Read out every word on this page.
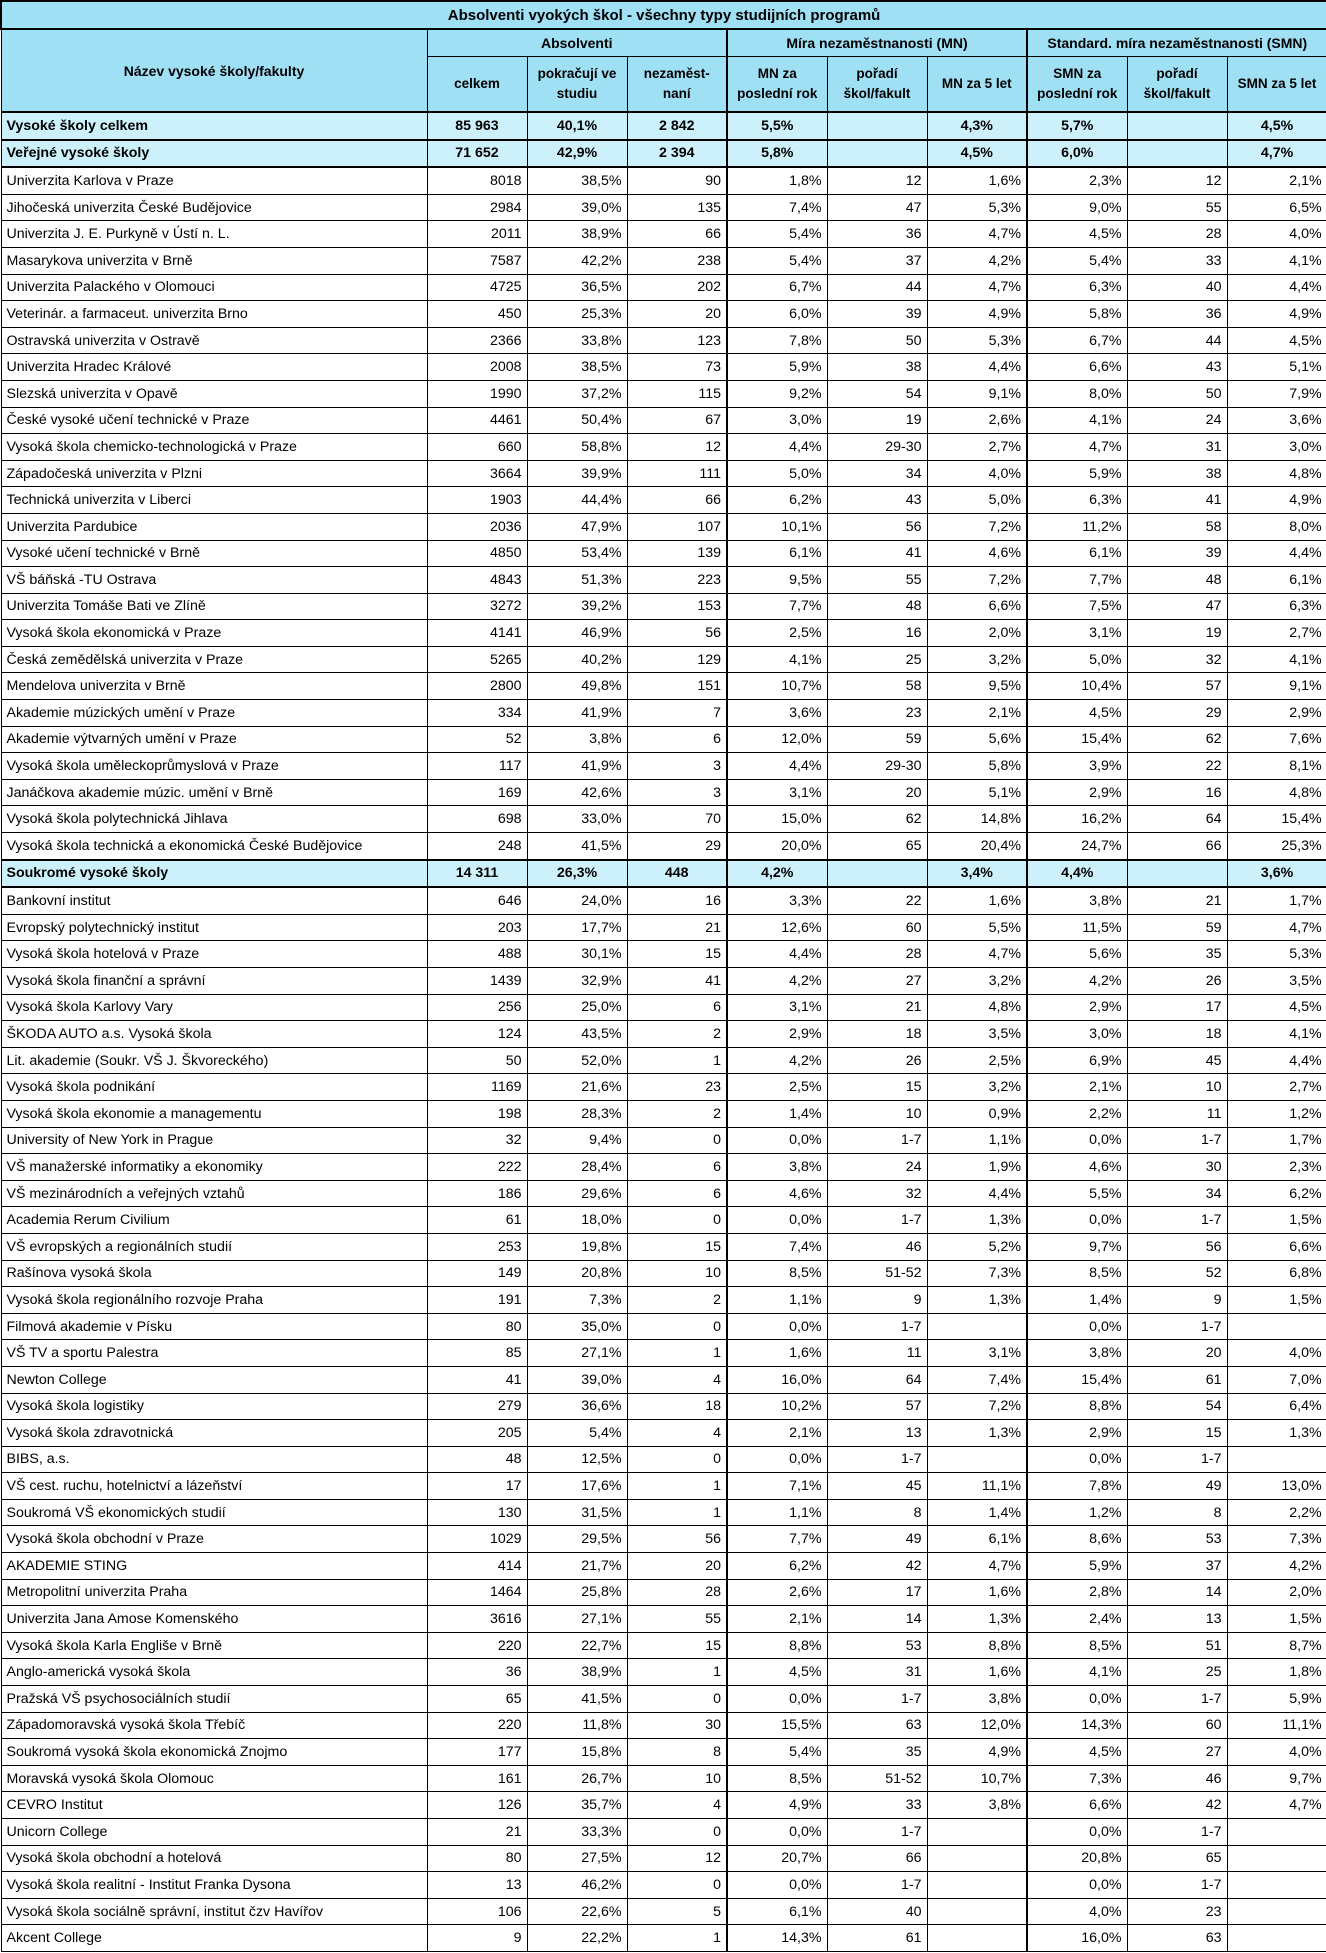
Absolventi vyokých škol - všechny typy studijních programů									
Název vysoké školy/fakulty	Absolventi			Míra nezaměstnanosti (MN)			Standard. míra nezaměstnanosti (SMN)		
	celkem	pokračují ve studiu	nezaměst-naní	MN za poslední rok	pořadí škol/fakult	MN za 5 let	SMN za poslední rok	pořadí škol/fakult	SMN za 5 let
Vysoké školy celkem	85 963	40,1%	2 842	5,5%		4,3%	5,7%		4,5%
Veřejné vysoké školy	71 652	42,9%	2 394	5,8%		4,5%	6,0%		4,7%
Univerzita Karlova v Praze	8018	38,5%	90	1,8%	12	1,6%	2,3%	12	2,1%
Jihočeská univerzita České Budějovice	2984	39,0%	135	7,4%	47	5,3%	9,0%	55	6,5%
Univerzita J. E. Purkyně v Ústí n. L.	2011	38,9%	66	5,4%	36	4,7%	4,5%	28	4,0%
Masarykova univerzita v Brně	7587	42,2%	238	5,4%	37	4,2%	5,4%	33	4,1%
Univerzita Palackého v Olomouci	4725	36,5%	202	6,7%	44	4,7%	6,3%	40	4,4%
Veterinár. a farmaceut. univerzita Brno	450	25,3%	20	6,0%	39	4,9%	5,8%	36	4,9%
Ostravská univerzita v Ostravě	2366	33,8%	123	7,8%	50	5,3%	6,7%	44	4,5%
Univerzita Hradec Králové	2008	38,5%	73	5,9%	38	4,4%	6,6%	43	5,1%
Slezská univerzita v Opavě	1990	37,2%	115	9,2%	54	9,1%	8,0%	50	7,9%
České vysoké učení technické v Praze	4461	50,4%	67	3,0%	19	2,6%	4,1%	24	3,6%
Vysoká škola chemicko-technologická v Praze	660	58,8%	12	4,4%	29-30	2,7%	4,7%	31	3,0%
Západočeská univerzita v Plzni	3664	39,9%	111	5,0%	34	4,0%	5,9%	38	4,8%
Technická univerzita v Liberci	1903	44,4%	66	6,2%	43	5,0%	6,3%	41	4,9%
Univerzita Pardubice	2036	47,9%	107	10,1%	56	7,2%	11,2%	58	8,0%
Vysoké učení technické v Brně	4850	53,4%	139	6,1%	41	4,6%	6,1%	39	4,4%
VŠ báňská -TU Ostrava	4843	51,3%	223	9,5%	55	7,2%	7,7%	48	6,1%
Univerzita Tomáše Bati ve Zlíně	3272	39,2%	153	7,7%	48	6,6%	7,5%	47	6,3%
Vysoká škola ekonomická v Praze	4141	46,9%	56	2,5%	16	2,0%	3,1%	19	2,7%
Česká zemědělská univerzita v Praze	5265	40,2%	129	4,1%	25	3,2%	5,0%	32	4,1%
Mendelova univerzita v Brně	2800	49,8%	151	10,7%	58	9,5%	10,4%	57	9,1%
Akademie múzických umění v Praze	334	41,9%	7	3,6%	23	2,1%	4,5%	29	2,9%
Akademie výtvarných umění v Praze	52	3,8%	6	12,0%	59	5,6%	15,4%	62	7,6%
Vysoká škola uměleckoprůmyslová v Praze	117	41,9%	3	4,4%	29-30	5,8%	3,9%	22	8,1%
Janáčkova akademie múzic. umění v Brně	169	42,6%	3	3,1%	20	5,1%	2,9%	16	4,8%
Vysoká škola polytechnická Jihlava	698	33,0%	70	15,0%	62	14,8%	16,2%	64	15,4%
Vysoká škola technická a ekonomická České Budějovice	248	41,5%	29	20,0%	65	20,4%	24,7%	66	25,3%
Soukromé vysoké školy	14 311	26,3%	448	4,2%		3,4%	4,4%		3,6%
Bankovní institut	646	24,0%	16	3,3%	22	1,6%	3,8%	21	1,7%
Evropský polytechnický institut	203	17,7%	21	12,6%	60	5,5%	11,5%	59	4,7%
Vysoká škola hotelová v Praze	488	30,1%	15	4,4%	28	4,7%	5,6%	35	5,3%
Vysoká škola finanční a správní	1439	32,9%	41	4,2%	27	3,2%	4,2%	26	3,5%
Vysoká škola Karlovy Vary	256	25,0%	6	3,1%	21	4,8%	2,9%	17	4,5%
ŠKODA AUTO a.s. Vysoká škola	124	43,5%	2	2,9%	18	3,5%	3,0%	18	4,1%
Lit. akademie (Soukr. VŠ J. Škvoreckého)	50	52,0%	1	4,2%	26	2,5%	6,9%	45	4,4%
Vysoká škola podnikání	1169	21,6%	23	2,5%	15	3,2%	2,1%	10	2,7%
Vysoká škola ekonomie a managementu	198	28,3%	2	1,4%	10	0,9%	2,2%	11	1,2%
University of New York in Prague	32	9,4%	0	0,0%	1-7	1,1%	0,0%	1-7	1,7%
VŠ manažerské informatiky a ekonomiky	222	28,4%	6	3,8%	24	1,9%	4,6%	30	2,3%
VŠ mezinárodních a veřejných vztahů	186	29,6%	6	4,6%	32	4,4%	5,5%	34	6,2%
Academia Rerum Civilium	61	18,0%	0	0,0%	1-7	1,3%	0,0%	1-7	1,5%
VŠ evropských a regionálních studií	253	19,8%	15	7,4%	46	5,2%	9,7%	56	6,6%
Rašínova vysoká škola	149	20,8%	10	8,5%	51-52	7,3%	8,5%	52	6,8%
Vysoká škola regionálního rozvoje Praha	191	7,3%	2	1,1%	9	1,3%	1,4%	9	1,5%
Filmová akademie v Písku	80	35,0%	0	0,0%	1-7		0,0%	1-7	
VŠ TV a sportu Palestra	85	27,1%	1	1,6%	11	3,1%	3,8%	20	4,0%
Newton College	41	39,0%	4	16,0%	64	7,4%	15,4%	61	7,0%
Vysoká škola logistiky	279	36,6%	18	10,2%	57	7,2%	8,8%	54	6,4%
Vysoká škola zdravotnická	205	5,4%	4	2,1%	13	1,3%	2,9%	15	1,3%
BIBS, a.s.	48	12,5%	0	0,0%	1-7		0,0%	1-7	
VŠ cest. ruchu, hotelnictví a lázeňství	17	17,6%	1	7,1%	45	11,1%	7,8%	49	13,0%
Soukromá VŠ ekonomických studií	130	31,5%	1	1,1%	8	1,4%	1,2%	8	2,2%
Vysoká škola obchodní v Praze	1029	29,5%	56	7,7%	49	6,1%	8,6%	53	7,3%
AKADEMIE STING	414	21,7%	20	6,2%	42	4,7%	5,9%	37	4,2%
Metropolitní univerzita Praha	1464	25,8%	28	2,6%	17	1,6%	2,8%	14	2,0%
Univerzita Jana Amose Komenského	3616	27,1%	55	2,1%	14	1,3%	2,4%	13	1,5%
Vysoká škola Karla Engliše v Brně	220	22,7%	15	8,8%	53	8,8%	8,5%	51	8,7%
Anglo-americká vysoká škola	36	38,9%	1	4,5%	31	1,6%	4,1%	25	1,8%
Pražská VŠ psychosociálních studií	65	41,5%	0	0,0%	1-7	3,8%	0,0%	1-7	5,9%
Západomoravská vysoká škola Třebíč	220	11,8%	30	15,5%	63	12,0%	14,3%	60	11,1%
Soukromá vysoká škola ekonomická Znojmo	177	15,8%	8	5,4%	35	4,9%	4,5%	27	4,0%
Moravská vysoká škola Olomouc	161	26,7%	10	8,5%	51-52	10,7%	7,3%	46	9,7%
CEVRO Institut	126	35,7%	4	4,9%	33	3,8%	6,6%	42	4,7%
Unicorn College	21	33,3%	0	0,0%	1-7		0,0%	1-7	
Vysoká škola obchodní a hotelová	80	27,5%	12	20,7%	66		20,8%	65	
Vysoká škola realitní - Institut Franka Dysona	13	46,2%	0	0,0%	1-7		0,0%	1-7	
Vysoká škola sociálně správní, institut čzv Havířov	106	22,6%	5	6,1%	40		4,0%	23	
Akcent College	9	22,2%	1	14,3%	61		16,0%	63	
